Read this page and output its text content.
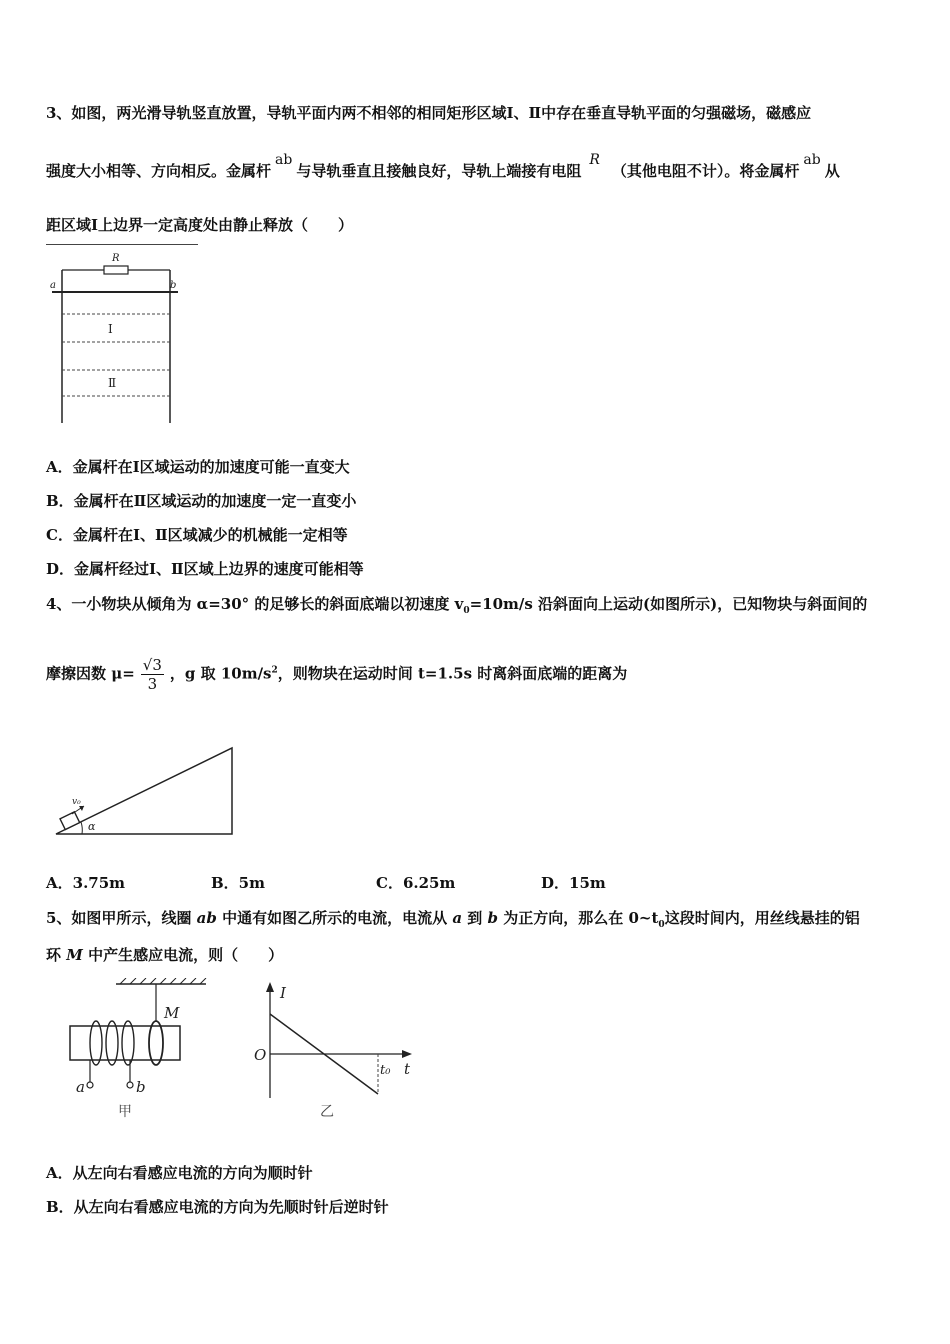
3、如图，两光滑导轨竖直放置，导轨平面内两不相邻的相同矩形区域Ⅰ、Ⅱ中存在垂直导轨平面的匀强磁场，磁感应
强度大小相等、方向相反。金属杆ab与导轨垂直且接触良好，导轨上端接有电阻R（其他电阻不计）。将金属杆ab从
距区域Ⅰ上边界一定高度处由静止释放（　　）
R
a	b
Ⅰ
Ⅱ
A．金属杆在Ⅰ区域运动的加速度可能一直变大
B．金属杆在Ⅱ区域运动的加速度一定一直变小
C．金属杆在Ⅰ、Ⅱ区域减少的机械能一定相等
D．金属杆经过Ⅰ、Ⅱ区域上边界的速度可能相等
4、一小物块从倾角为 α=30° 的足够长的斜面底端以初速度 $v_0=10m/s$ 沿斜面向上运动(如图所示)，已知物块与斜面间的
摩擦因数 $\mu= \frac{√3}{3}$ ，g 取 $10m/s^2$，则物块在运动时间 t=1.5s 时离斜面底端的距离为
v₀
α
A．3.75m	B．5m	C．6.25m	D．15m
5、如图甲所示，线圈 ab 中通有如图乙所示的电流，电流从 a 到 b 为正方向，那么在 $0\sim t_0$这段时间内，用丝线悬挂的铝
环 M 中产生感应电流，则（　　）
M
a	b
甲
I
t
O
t₀
乙
A．从左向右看感应电流的方向为顺时针
B．从左向右看感应电流的方向为先顺时针后逆时针
